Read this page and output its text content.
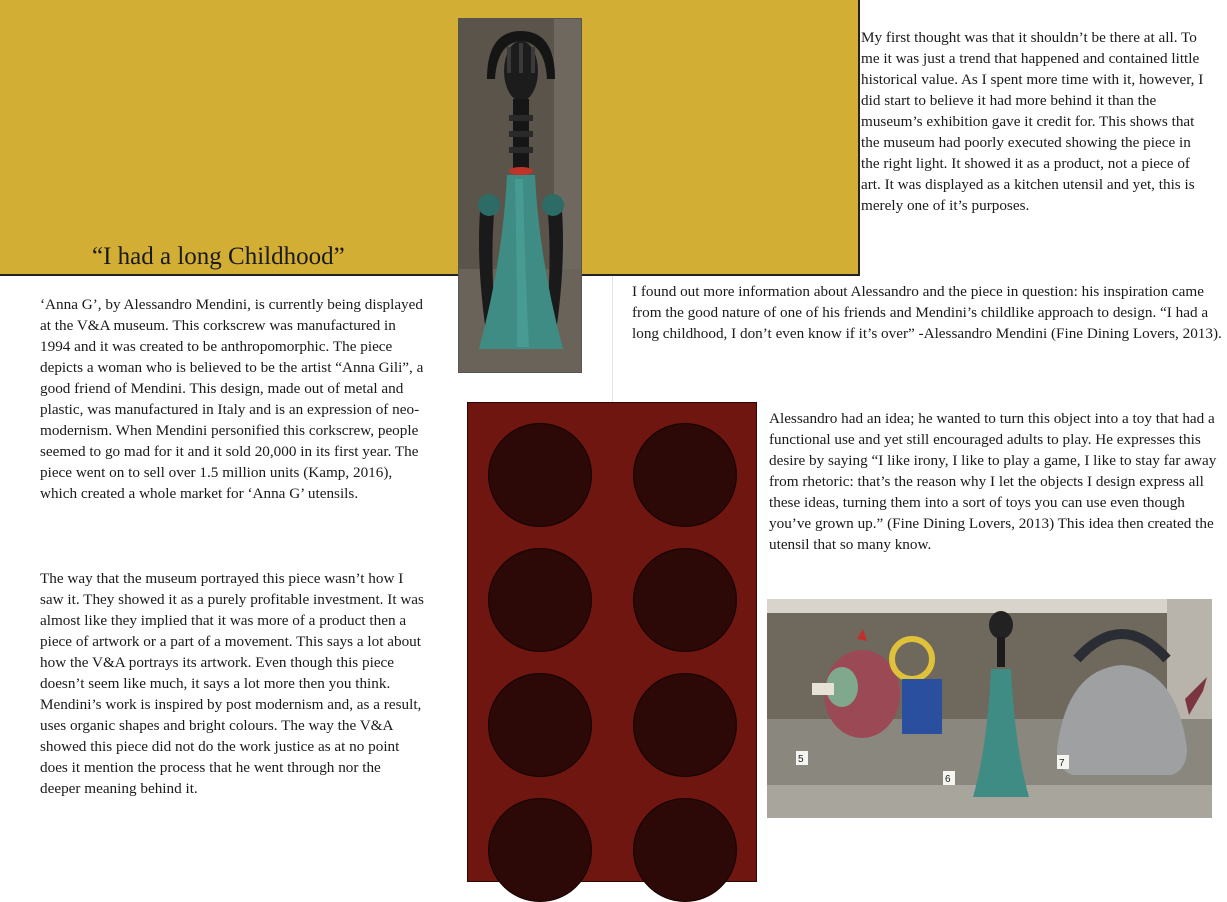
“I had a long Childhood”

‘Anna G’, by Alessandro Mendini, is currently being displayed at the V&A museum. This corkscrew was manufactured in 1994 and it was created to be anthropomorphic. The piece depicts a woman who is believed to be the artist “Anna Gili”, a good friend of Mendini. This design, made out of metal and plastic, was manufactured in Italy and is an expression of neo-modernism. When Mendini personified this corkscrew, people seemed to go mad for it and it sold 20,000 in its first year. The piece went on to sell over 1.5 million units (Kamp, 2016), which created a whole market for ‘Anna G’ utensils.

The way that the museum portrayed this piece wasn’t how I saw it. They showed it as a purely profitable investment. It was almost like they implied that it was more of a product then a piece of artwork or a part of a movement. This says a lot about how the V&A portrays its artwork. Even though this piece doesn’t seem like much, it says a lot more then you think. Mendini’s work is inspired by post modernism and, as a result, uses organic shapes and bright colours. The way the V&A showed this piece did not do the work justice as at no point does it mention the process that he went through nor the deeper meaning behind it.

My first thought was that it shouldn’t be there at all. To me it was just a trend that happened and contained little historical value. As I spent more time with it, however, I did start to believe it had more behind it than the museum’s exhibition gave it credit for. This shows that the museum had poorly executed showing the piece in the right light. It showed it as a product, not a piece of art. It was displayed as a kitchen utensil and yet, this is merely one of it’s purposes.

I found out more information about Alessandro and the piece in question: his inspiration came from the good nature of one of his friends and Mendini’s childlike approach to design. “I had a long childhood, I don’t even know if it’s over” -Alessandro Mendini (Fine Dining Lovers, 2013).

Alessandro had an idea; he wanted to turn this object into a toy that had a functional use and yet still encouraged adults to play. He expresses this desire by saying “I like irony, I like to play a game, I like to stay far away from rhetoric: that’s the reason why I let the objects I design express all these ideas, turning them into a sort of toys you can use even though you’ve grown up.” (Fine Dining Lovers, 2013) This idea then created the utensil that so many know.

5
6
7
